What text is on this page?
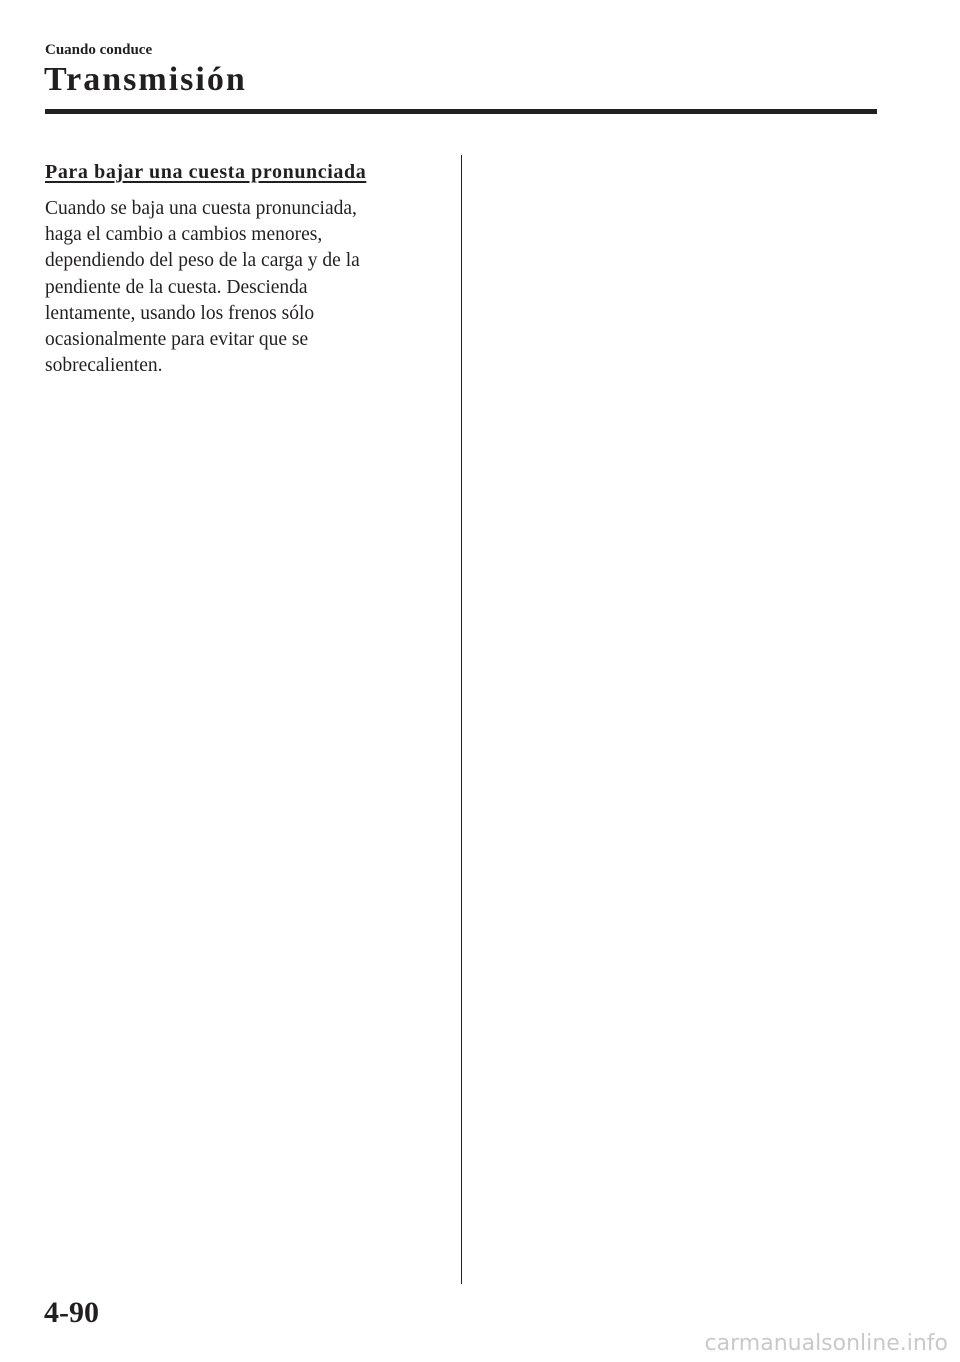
Cuando conduce
Transmisión
Para bajar una cuesta pronunciada
Cuando se baja una cuesta pronunciada,
haga el cambio a cambios menores,
dependiendo del peso de la carga y de la
pendiente de la cuesta. Descienda
lentamente, usando los frenos sólo
ocasionalmente para evitar que se
sobrecalienten.
4-90
carmanualsonline.info
